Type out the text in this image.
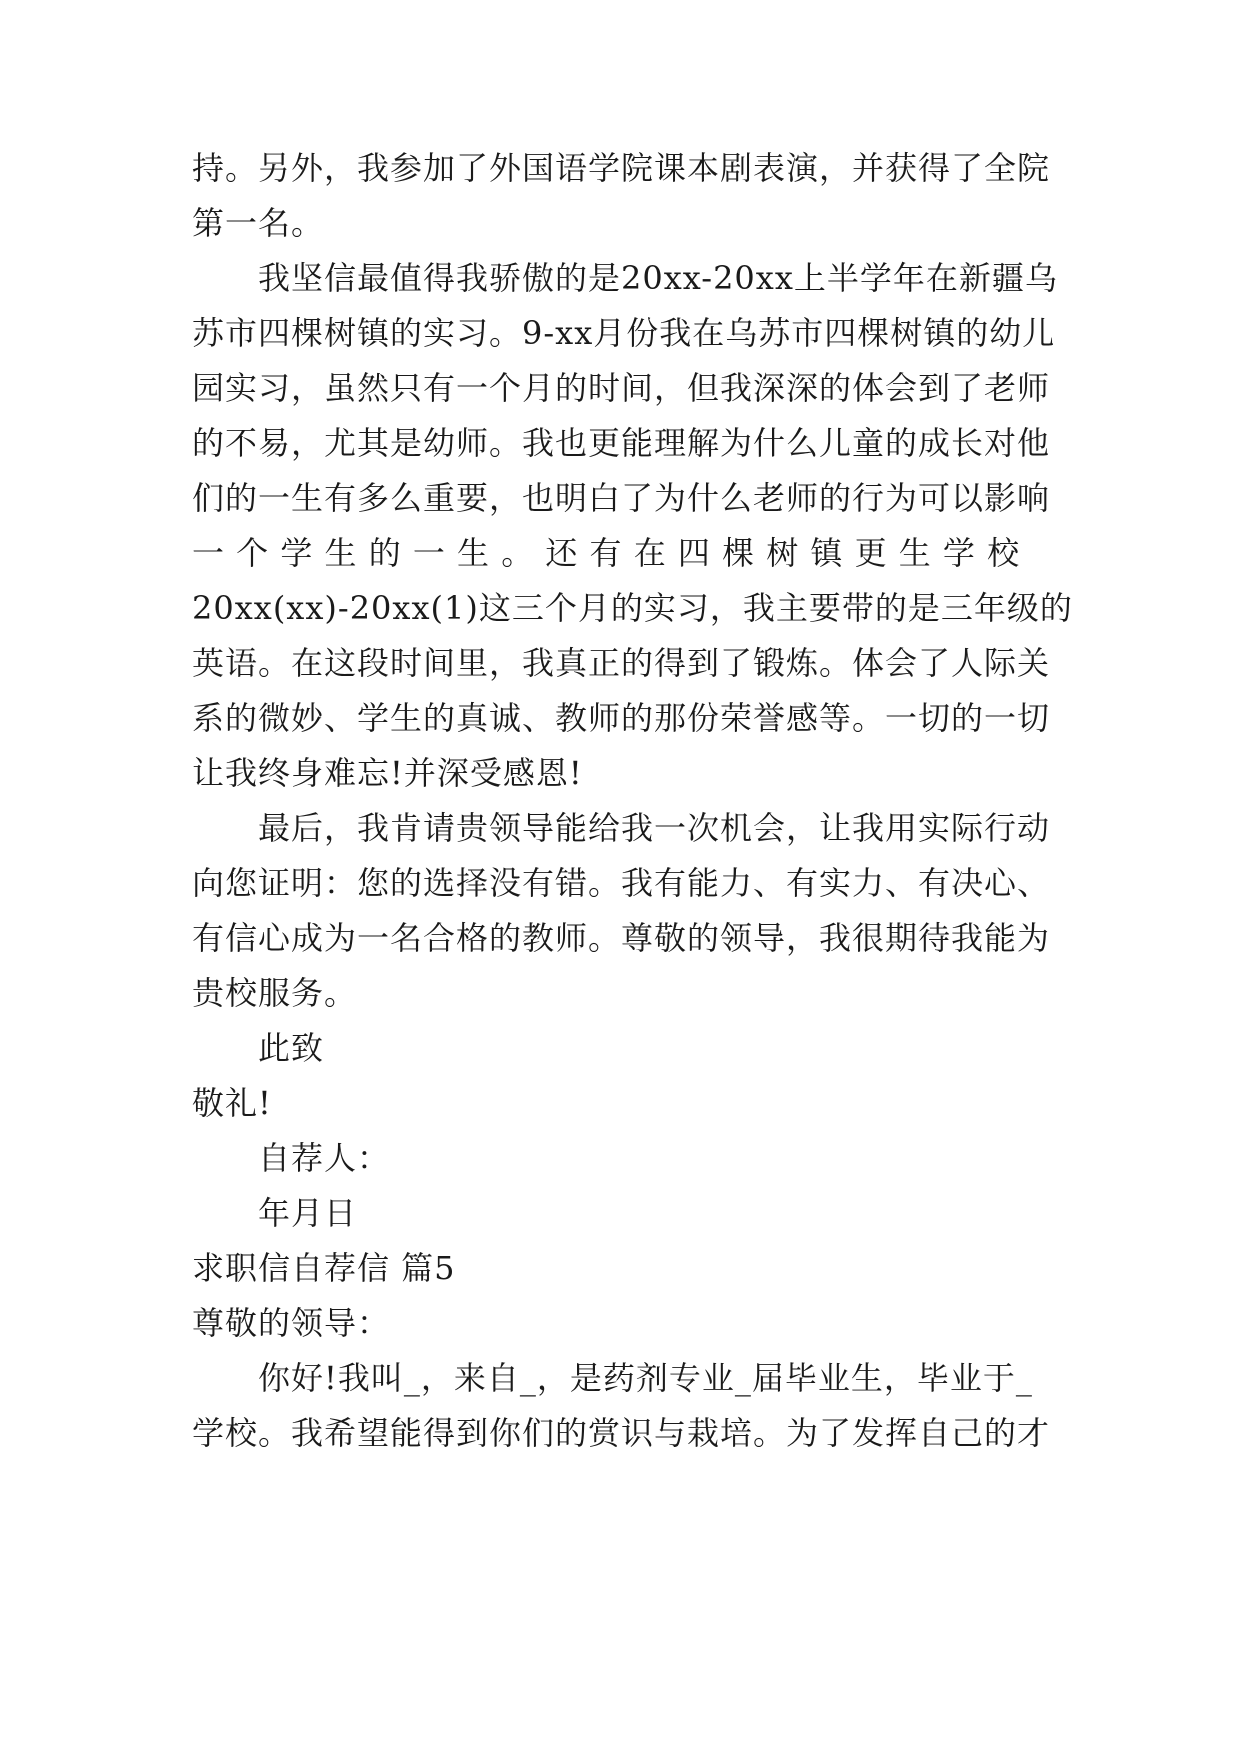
持。另外，我参加了外国语学院课本剧表演，并获得了全院
第一名。
我坚信最值得我骄傲的是20xx-20xx上半学年在新疆乌
苏市四棵树镇的实习。9-xx月份我在乌苏市四棵树镇的幼儿
园实习，虽然只有一个月的时间，但我深深的体会到了老师
的不易，尤其是幼师。我也更能理解为什么儿童的成长对他
们的一生有多么重要，也明白了为什么老师的行为可以影响
一 个 学 生 的 一 生 。 还 有 在 四 棵 树 镇 更 生 学 校
20xx(xx)-20xx(1)这三个月的实习，我主要带的是三年级的
英语。在这段时间里，我真正的得到了锻炼。体会了人际关
系的微妙、学生的真诚、教师的那份荣誉感等。一切的一切
让我终身难忘!并深受感恩!
最后，我肯请贵领导能给我一次机会，让我用实际行动
向您证明：您的选择没有错。我有能力、有实力、有决心、
有信心成为一名合格的教师。尊敬的领导，我很期待我能为
贵校服务。
此致
敬礼!
自荐人：
年月日
求职信自荐信 篇5
尊敬的领导：
你好!我叫_，来自_，是药剂专业_届毕业生，毕业于_
学校。我希望能得到你们的赏识与栽培。为了发挥自己的才
